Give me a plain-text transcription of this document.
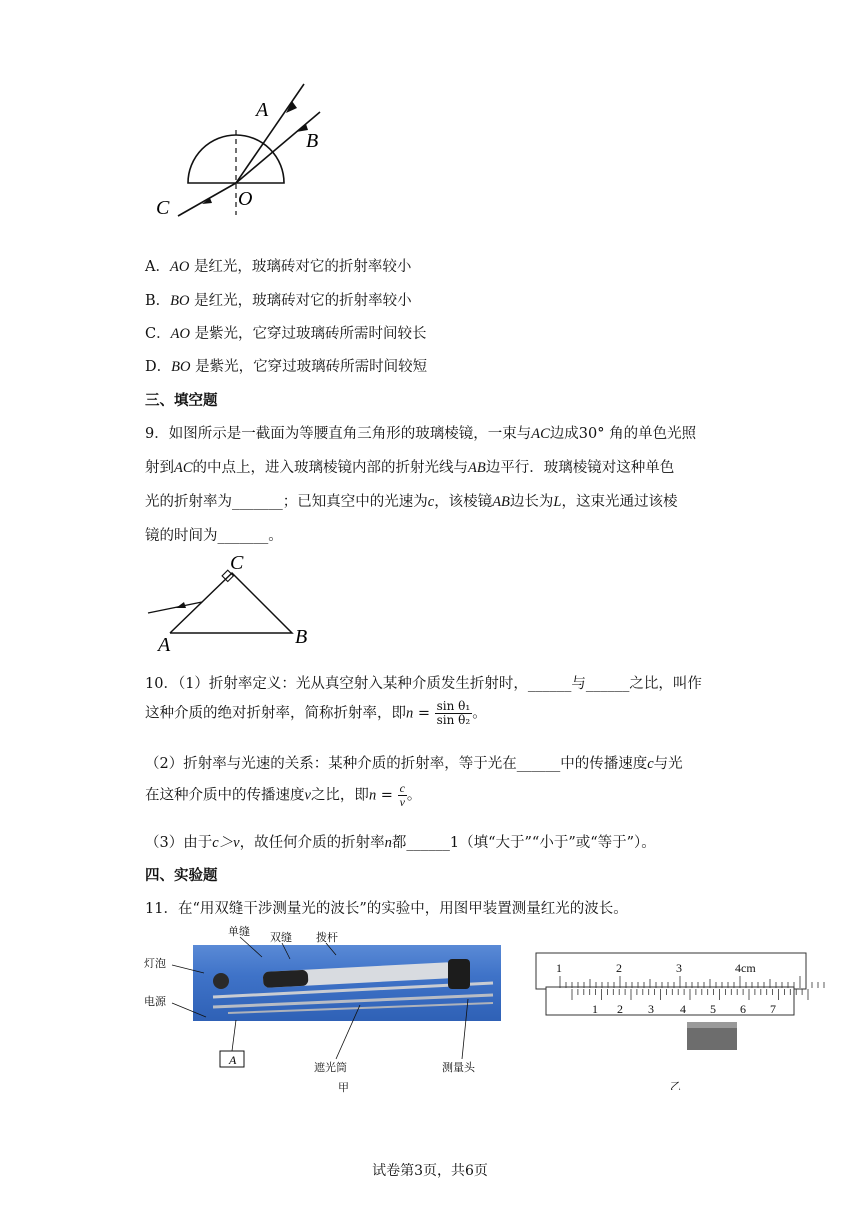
A
B
C	O
A．AO 是红光，玻璃砖对它的折射率较小
B．BO 是红光，玻璃砖对它的折射率较小
C．AO 是紫光，它穿过玻璃砖所需时间较长
D．BO 是紫光，它穿过玻璃砖所需时间较短
三、填空题
9．如图所示是一截面为等腰直角三角形的玻璃棱镜，一束与AC边成30° 角的单色光照
射到AC的中点上，进入玻璃棱镜内部的折射光线与AB边平行．玻璃棱镜对这种单色
光的折射率为_______；已知真空中的光速为c，该棱镜AB边长为L，这束光通过该棱
镜的时间为_______。
C
A	B
10．（1）折射率定义：光从真空射入某种介质发生折射时，______与______之比，叫作
这种介质的绝对折射率，简称折射率，即$n = \frac{\text{sin θ₁}}{\text{sin θ₂}}$ 。
（2）折射率与光速的关系：某种介质的折射率，等于光在______中的传播速度c与光
在这种介质中的传播速度v之比，即$n = \frac{c}{v}$ 。
（3）由于c＞v，故任何介质的折射率n都______1（填“大于”“小于”或“等于”）。
四、实验题
11．在“用双缝干涉测量光的波长”的实验中，用图甲装置测量红光的波长。
单缝 双缝 拨杆
灯泡
电源
遮光筒	测量头
甲
A
1	2	3	4cm
1 2 3 4 5 6 7
乙
试卷第3页，共6页
